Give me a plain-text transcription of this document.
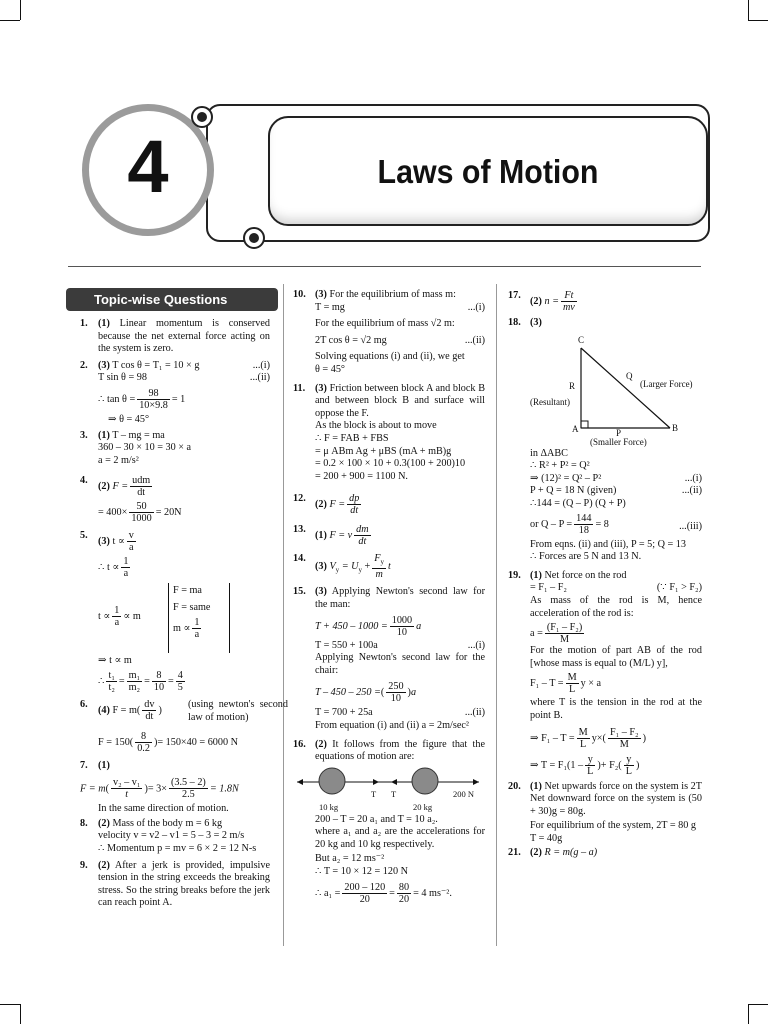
Laws of Motion
4
Topic-wise Questions
1. (1) Linear momentum is conserved because the net external force acting on the system is zero.
2. (3) T cos θ = T₁ = 10 × g	...(i)
T sin θ = 98	...(ii)
∴ $\tan \theta = \frac{98}{10\times 9.8} = 1$
⇒ θ = 45°
3. (1) T – mg = ma
360 – 30 × 10 = 30 × a
a = 2 m/s²
4.
(2) $F = \frac{\text{udm}}{dt}$
= $400\times \frac{50}{1000} = 20N$
5.
(3) $t \propto \frac{v}{a}$
∴ $t \propto \frac{1}{a}$
$t \propto \frac{1}{a} \propto m$
F = ma
F = same
$m \propto \frac{1}{a}$
⇒ t ∝ m
∴ $\frac{\text{t₁}}{\text{t₂}} = \frac{\text{m₁}}{\text{m₂}} = \frac{8}{10} = \frac{4}{5}$
6.
(4) $F = m( \frac{dv}{dt}$ )
(using newton's second law of motion)
$F = 150( \frac{8}{0.2}$ )= 150×40 = 6000 N
7. (1)
$F = m( \frac{\text{v₂ – v₁}}{t}$ )= $3\times \frac{(3.5 - 2)}{2.5} = 1.8N$
In the same direction of motion.
8. (2) Mass of the body m = 6 kg
velocity v = v2 – v1 = 5 – 3 = 2 m/s
∴ Momentum p = mv = 6 × 2 = 12 N-s
9. (2) After a jerk is provided, impulsive tension in the string exceeds the breaking stress. So the string breaks before the jerk can reach point A.
10. (3) For the equilibrium of mass m:
T = mg	...(i)
For the equilibrium of mass √2 m:
2T cos θ = √2 mg	...(ii)
Solving equations (i) and (ii), we get
θ = 45°
11. (3) Friction between block A and block B and between block B and surface will oppose the F.
As the block is about to move
∴ F = FAB + FBS
= μ ABm Ag + μBS (mA + mB)g
= 0.2 × 100 × 10 + 0.3(100 + 200)10
= 200 + 900 = 1100 N.
12.
(2) $F = \frac{dp}{dt}$
13.
(1) F = v $\frac{dm}{dt}$
14.
(3) $V_y = U_y + \frac{F_y}{m}$ t
15. (3) Applying Newton's second law for the man:
$T + 450 - 1000 = \frac{1000}{10}$ a
T = 550 + 100a	...(i)
Applying Newton's second law for the chair:
T – 450 – 250 =( $\frac{250}{10} )a$
T = 700 + 25a	...(ii)
From equation (i) and (ii) a = 2m/sec²
16. (2) It follows from the figure that the equations of motion are:
T T	200 N
10 kg	20 kg
200 – T = 20 a₁ and T = 10 a₂.
where a₁ and a₂ are the accelerations for 20 kg and 10 kg respectively.
But a₂ = 12 ms⁻²
∴ T = 10 × 12 = 120 N
∴ $a_1 = \frac{200 - 120}{20} = \frac{80}{20} = 4$ ms⁻².
17.
(2) $n = \frac{Ft}{mv}$
18. (3)
C
R
Q
(Larger Force)
(Resultant)
A	P	B
(Smaller Force)
in ΔABC
∴ R² + P² = Q²
⇒ (12)² = Q² – P²	...(i)
P + Q = 18 N (given)	...(ii)
∴144 = (Q – P) (Q + P)
or $Q - P = \frac{144}{18} = 8$	...(iii)
From eqns. (ii) and (iii), P = 5; Q = 13
∴ Forces are 5 N and 13 N.
19. (1) Net force on the rod
= F₁ – F₂	(∵ F₁ > F₂)
As mass of the rod is M, hence acceleration of the rod is:
$a = \frac{\text{(F₁ – F₂)}}{M}$
For the motion of part AB of the rod [whose mass is equal to (M/L) y],
$F_1 - T = \frac{M}{L}$ y × a
where T is the tension in the rod at the point B.
⇒ $F_1 - T = \frac{M}{L} y\times( \frac{\text{F₁ – F₂}}{M}$ )
⇒ $T = F_1(1 - \frac{y}{L}$ )+ $F_2( \frac{y}{L}$ )
20. (1) Net upwards force on the system is 2T Net downward force on the system is (50 + 30)g = 80g.
For equilibrium of the system, 2T = 80 g
T = 40g
21. (2) R = m(g – a)
